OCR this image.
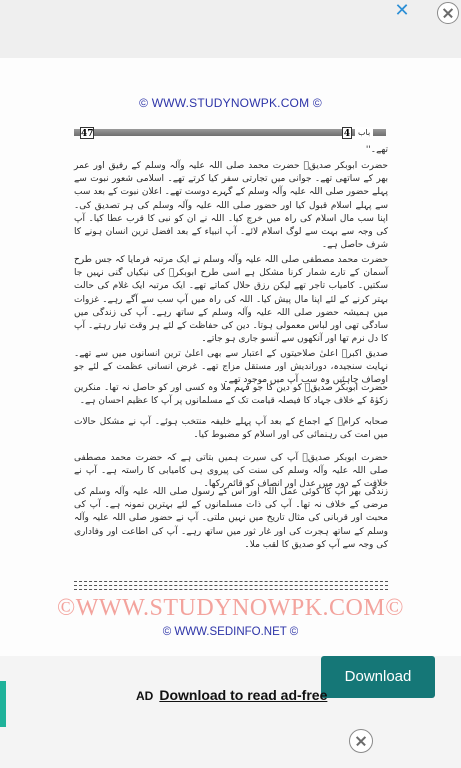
✕
© WWW.STUDYNOWPK.COM ©
47	4 باب
تھے۔''
حضرت ابوبکر صدیقؓ حضرت محمد صلی اللہ علیہ وآلہ وسلم کے رفیق اور عمر بھر کے ساتھی تھے۔ جوانی میں تجارتی سفر کیا کرتے تھے۔ اسلامی شعور نبوت سے پہلے حضور صلی اللہ علیہ وآلہ وسلم کے گہرے دوست تھے۔ اعلان نبوت کے بعد سب سے پہلے اسلام قبول کیا اور حضور صلی اللہ علیہ وآلہ وسلم کی ہر تصدیق کی۔ اپنا سب مال اسلام کی راہ میں خرچ کیا۔ اللہ نے ان کو نبی کا قرب عطا کیا۔ آپ کی وجہ سے بہت سے لوگ اسلام لائے۔ آپ انبیاء کے بعد افضل ترین انسان ہونے کا شرف حاصل ہے۔
حضرت محمد مصطفی صلی اللہ علیہ وآلہ وسلم نے ایک مرتبہ فرمایا کہ جس طرح آسمان کے تارے شمار کرنا مشکل ہے اسی طرح ابوبکرؓ کی نیکیاں گنی نہیں جا سکتیں۔ کامیاب تاجر تھے لیکن رزق حلال کماتے تھے۔ ایک مرتبہ ایک غلام کی حالت بہتر کرنے کے لئے اپنا مال پیش کیا۔ اللہ کی راہ میں آپ سب سے آگے رہے۔ غزوات میں ہمیشہ حضور صلی اللہ علیہ وآلہ وسلم کے ساتھ رہے۔ آپ کی زندگی میں سادگی تھی اور لباس معمولی ہوتا۔ دین کی حفاظت کے لئے ہر وقت تیار رہتے۔ آپ کا دل نرم تھا اور آنکھوں سے آنسو جاری ہو جاتے۔
صدیق اکبرؓ اعلیٰ صلاحیتوں کے اعتبار سے بھی اعلیٰ ترین انسانوں میں سے تھے۔ نہایت سنجیدہ، دوراندیش اور مستقل مزاج تھے۔ غرض انسانی عظمت کے لئے جو اوصاف چاہئیں وہ سب آپ میں موجود تھے۔
حضرت ابوبکر صدیقؓ کو دین کا جو فہم ملا وہ کسی اور کو حاصل نہ تھا۔ منکرین زکوٰۃ کے خلاف جہاد کا فیصلہ قیامت تک کے مسلمانوں پر آپ کا عظیم احسان ہے۔
صحابہ کرامؓ کے اجماع کے بعد آپ پہلے خلیفہ منتخب ہوئے۔ آپ نے مشکل حالات میں امت کی رہنمائی کی اور اسلام کو مضبوط کیا۔
حضرت ابوبکر صدیقؓ آپ کی سیرت ہمیں بتاتی ہے کہ حضرت محمد مصطفی صلی اللہ علیہ وآلہ وسلم کی سنت کی پیروی ہی کامیابی کا راستہ ہے۔ آپ نے خلافت کے دور میں عدل اور انصاف کو قائم رکھا۔
زندگی بھر آپ کا کوئی عمل اللہ اور اس کے رسول صلی اللہ علیہ وآلہ وسلم کی مرضی کے خلاف نہ تھا۔ آپ کی ذات مسلمانوں کے لئے بہترین نمونہ ہے۔ آپ کی محبت اور قربانی کی مثال تاریخ میں نہیں ملتی۔ آپ نے حضور صلی اللہ علیہ وآلہ وسلم کے ساتھ ہجرت کی اور غار ثور میں ساتھ رہے۔ آپ کی اطاعت اور وفاداری کی وجہ سے آپ کو صدیق کا لقب ملا۔
©WWW.STUDYNOWPK.COM©
© WWW.SEDINFO.NET ©
Download
AD Download to read ad-free
